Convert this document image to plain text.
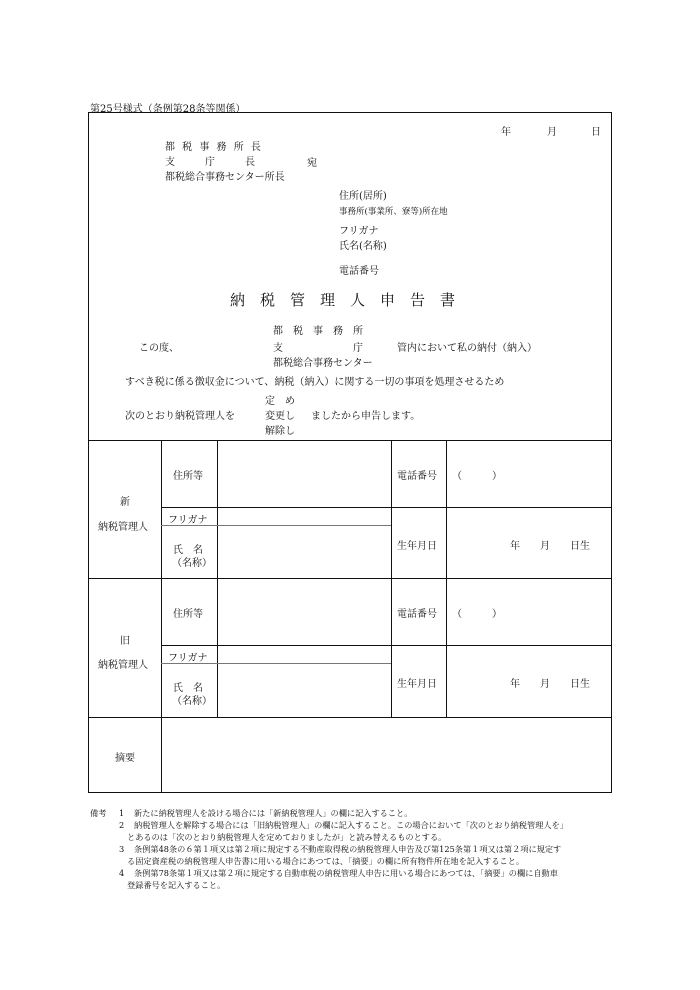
第25号様式（条例第28条等関係）
年	月	日
都 税 事 務 所 長
支　　　庁　　　長	宛
都税総合事務センター所長
住所(居所)
事務所(事業所、寮等)所在地
フリガナ
氏名(名称)
電話番号
納税管理人申告書
都　税　事　務　所
この度、	支　　　　　　　庁	管内において私の納付（納入）
都税総合事務センター
すべき税に係る徴収金について、納税（納入）に関する一切の事項を処理させるため
定　め
次のとおり納税管理人を	変更し ましたから申告します。
解除し
新
納税管理人
住所等	電話番号 （　　　）
フリガナ
氏　名
（名称）
生年月日	年　　月　　日生
旧
納税管理人
住所等	電話番号 （　　　）
フリガナ
氏　名
（名称）
生年月日	年　　月　　日生
摘要
備考 1 新たに納税管理人を設ける場合には「新納税管理人」の欄に記入すること。
2 納税管理人を解除する場合には「旧納税管理人」の欄に記入すること。この場合において「次のとおり納税管理人を」
とあるのは「次のとおり納税管理人を定めておりましたが」と読み替えるものとする。
3 条例第48条の６第１項又は第２項に規定する不動産取得税の納税管理人申告及び第125条第１項又は第２項に規定す
る固定資産税の納税管理人申告書に用いる場合にあつては、「摘要」の欄に所有物件所在地を記入すること。
4 条例第78条第１項又は第２項に規定する自動車税の納税管理人申告に用いる場合にあつては、「摘要」の欄に自動車
登録番号を記入すること。
